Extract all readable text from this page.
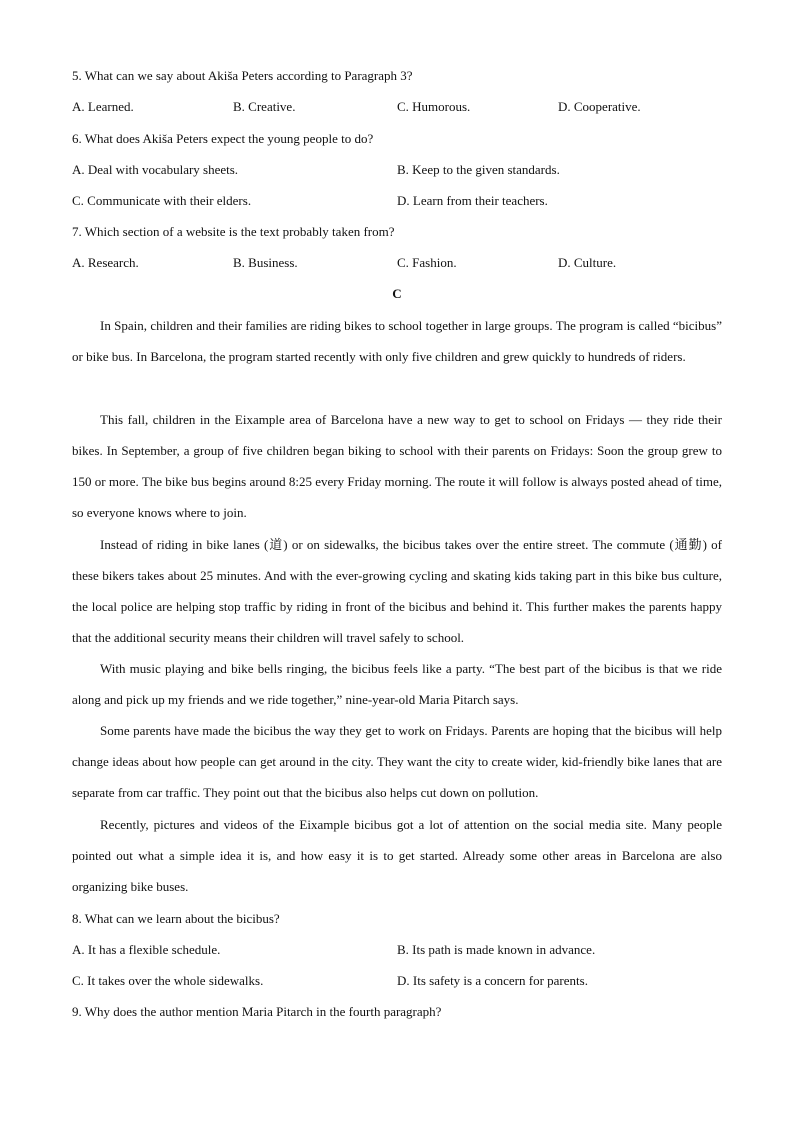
5. What can we say about Akiša Peters according to Paragraph 3?
A. Learned.	B. Creative.	C. Humorous.	D. Cooperative.
6. What does Akiša Peters expect the young people to do?
A. Deal with vocabulary sheets.	B. Keep to the given standards.
C. Communicate with their elders.	D. Learn from their teachers.
7. Which section of a website is the text probably taken from?
A. Research.	B. Business.	C. Fashion.	D. Culture.
C

In Spain, children and their families are riding bikes to school together in large groups. The program is called “bicibus” or bike bus. In Barcelona, the program started recently with only five children and grew quickly to hundreds of riders.

This fall, children in the Eixample area of Barcelona have a new way to get to school on Fridays — they ride their bikes. In September, a group of five children began biking to school with their parents on Fridays: Soon the group grew to 150 or more. The bike bus begins around 8:25 every Friday morning. The route it will follow is always posted ahead of time, so everyone knows where to join.

Instead of riding in bike lanes (道) or on sidewalks, the bicibus takes over the entire street. The commute (通勤) of these bikers takes about 25 minutes. And with the ever-growing cycling and skating kids taking part in this bike bus culture, the local police are helping stop traffic by riding in front of the bicibus and behind it. This further makes the parents happy that the additional security means their children will travel safely to school.

With music playing and bike bells ringing, the bicibus feels like a party. “The best part of the bicibus is that we ride along and pick up my friends and we ride together,” nine-year-old Maria Pitarch says.

Some parents have made the bicibus the way they get to work on Fridays. Parents are hoping that the bicibus will help change ideas about how people can get around in the city. They want the city to create wider, kid-friendly bike lanes that are separate from car traffic. They point out that the bicibus also helps cut down on pollution.

Recently, pictures and videos of the Eixample bicibus got a lot of attention on the social media site. Many people pointed out what a simple idea it is, and how easy it is to get started. Already some other areas in Barcelona are also organizing bike buses.

8. What can we learn about the bicibus?
A. It has a flexible schedule.	B. Its path is made known in advance.
C. It takes over the whole sidewalks.	D. Its safety is a concern for parents.
9. Why does the author mention Maria Pitarch in the fourth paragraph?
